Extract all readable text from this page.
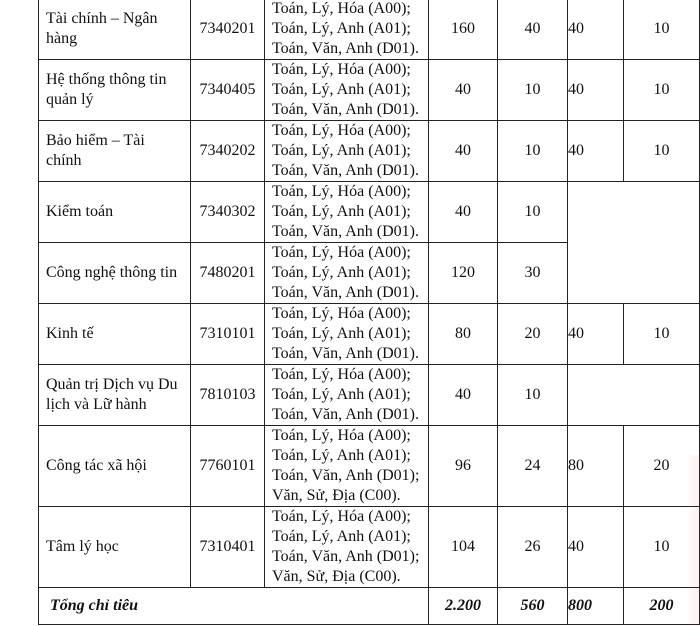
Tài chính – Ngân hàng	7340201	Toán, Lý, Hóa (A00);
Toán, Lý, Anh (A01);
Toán, Văn, Anh (D01).	160	40	40	10
Hệ thống thông tin quản lý	7340405	Toán, Lý, Hóa (A00);
Toán, Lý, Anh (A01);
Toán, Văn, Anh (D01).	40	10	40	10
Bảo hiểm – Tài chính	7340202	Toán, Lý, Hóa (A00);
Toán, Lý, Anh (A01);
Toán, Văn, Anh (D01).	40	10	40	10
Kiểm toán	7340302	Toán, Lý, Hóa (A00);
Toán, Lý, Anh (A01);
Toán, Văn, Anh (D01).	40	10		
Công nghệ thông tin	7480201	Toán, Lý, Hóa (A00);
Toán, Lý, Anh (A01);
Toán, Văn, Anh (D01).	120	30		
Kinh tế	7310101	Toán, Lý, Hóa (A00);
Toán, Lý, Anh (A01);
Toán, Văn, Anh (D01).	80	20	40	10
Quản trị Dịch vụ Du lịch và Lữ hành	7810103	Toán, Lý, Hóa (A00);
Toán, Lý, Anh (A01);
Toán, Văn, Anh (D01).	40	10		
Công tác xã hội	7760101	Toán, Lý, Hóa (A00);
Toán, Lý, Anh (A01);
Toán, Văn, Anh (D01);
Văn, Sử, Địa (C00).	96	24	80	20
Tâm lý học	7310401	Toán, Lý, Hóa (A00);
Toán, Lý, Anh (A01);
Toán, Văn, Anh (D01);
Văn, Sử, Địa (C00).	104	26	40	10
Tổng chỉ tiêu			2.200	560	800	200
